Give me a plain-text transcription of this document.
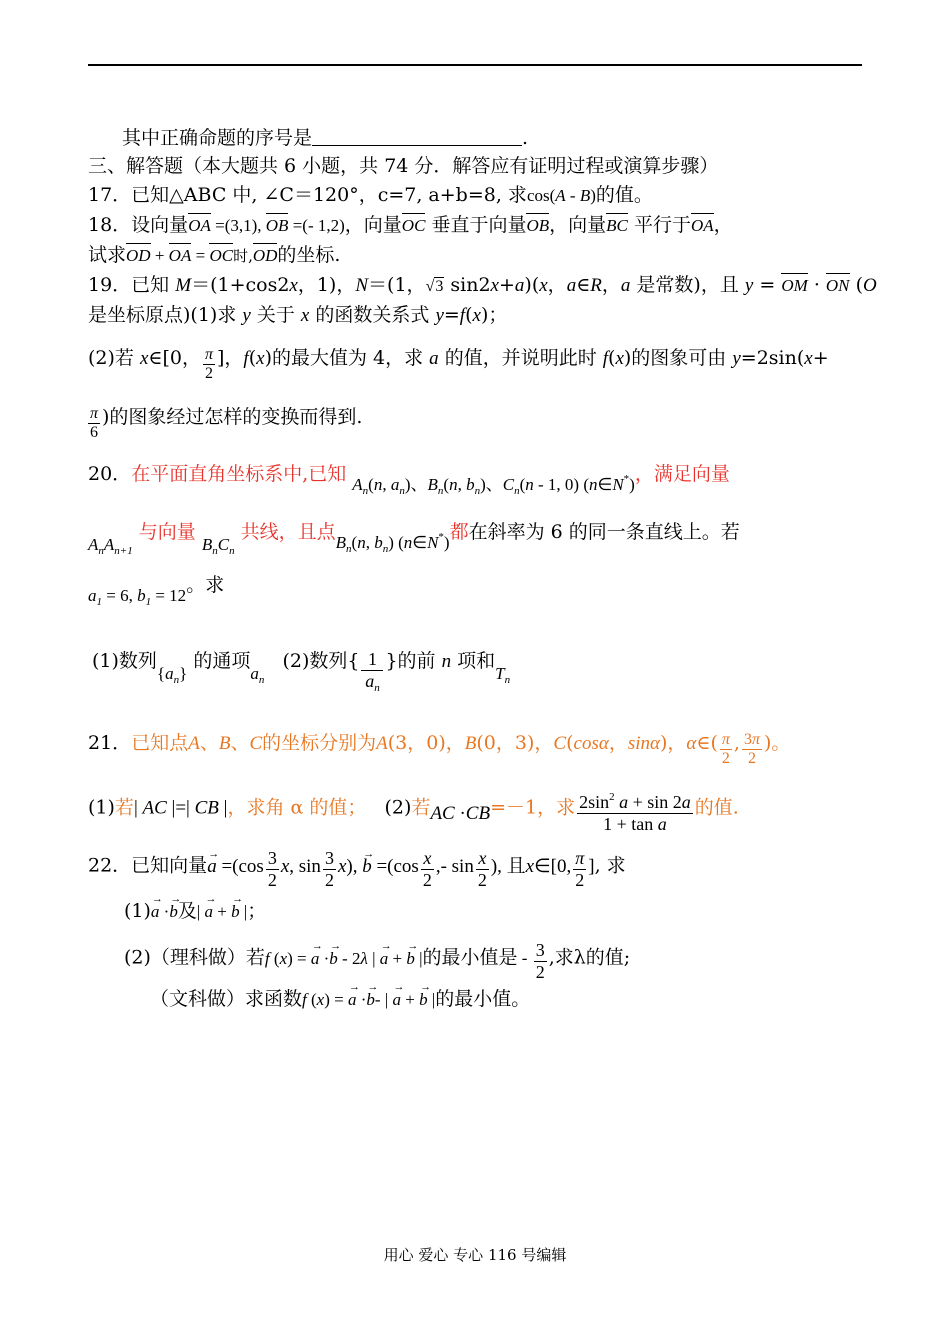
其中正确命题的序号是	.
三、解答题（本大题共 6 小题，共 74 分．解答应有证明过程或演算步骤）
17．已知△ABC 中, ∠C＝120°，c=7, a+b=8, 求cos(A - B)的值。
18．设向量OA =(3,1), OB =(- 1,2)，向量OC 垂直于向量OB，向量BC 平行于OA，
试求OD + OA = OC时,OD的坐标.
19．已知 M＝(1+cos2x，1)，N＝(1，√3 sin2x+a)(x，a∈R，a 是常数)，且 y = OM · ON (O
是坐标原点)(1)求 y 关于 x 的函数关系式 y=f(x)；
(2)若 x∈[0， $\frac{\pi}{2}$ ]，f(x)的最大值为 4，求 a 的值，并说明此时 f(x)的图象可由 y=2sin(x+
$\frac{\pi}{6}$ )的图象经过怎样的变换而得到.
20．在平面直角坐标系中,已知 $A_n(n$, $a_n$)、$B_n(n$, $b_n$)、$C_n(n - 1$, 0) (n∈N*)，满足向量
$A_nA_{n+1}$ 与向量 $B_nC_n$ 共线，且点$B_n(n$, $b_n$) (n∈N*)都在斜率为 6 的同一条直线上。若
$a_1 = 6$, $b_1 = 12$。求
(1)数列$\{a_n\}$ 的通项$a_n$   (2)数列{ $\frac{1}{a_n}$ }的前 n 项和$T_n$
21．已知点A、B、C的坐标分别为A(3，0)，B(0，3)，C(cosα，sinα)，α∈( $\frac{\pi}{2}$ , $\frac{3\pi}{2}$ )。
(1)若| AC |=| CB |，求角 α 的值； (2)若AC ·CB=－1，求 $\frac{2\sin^2 a + \sin 2a}{\text{1 + tan a}}$ 的值.
22．已知向量→ $a =(\cos \frac{3}{2} x$, $\sin \frac{3}{2} x$), → $b =(\cos \frac{x}{2}$ ,- $\sin \frac{x}{2}$ ), 且x∈[0, $\frac{\pi}{2}$ ], 求
(1)→ a ·→ b及| → a + → b |；
(2)（理科做）若f (x) = → a ·→ b - 2λ | → a + → b |的最小值是 - $\frac{3}{2}$ ,求λ的值;
（文科做）求函数f (x) = → a ·→ b- | → a + → b |的最小值。
用心 爱心 专心 116 号编辑
